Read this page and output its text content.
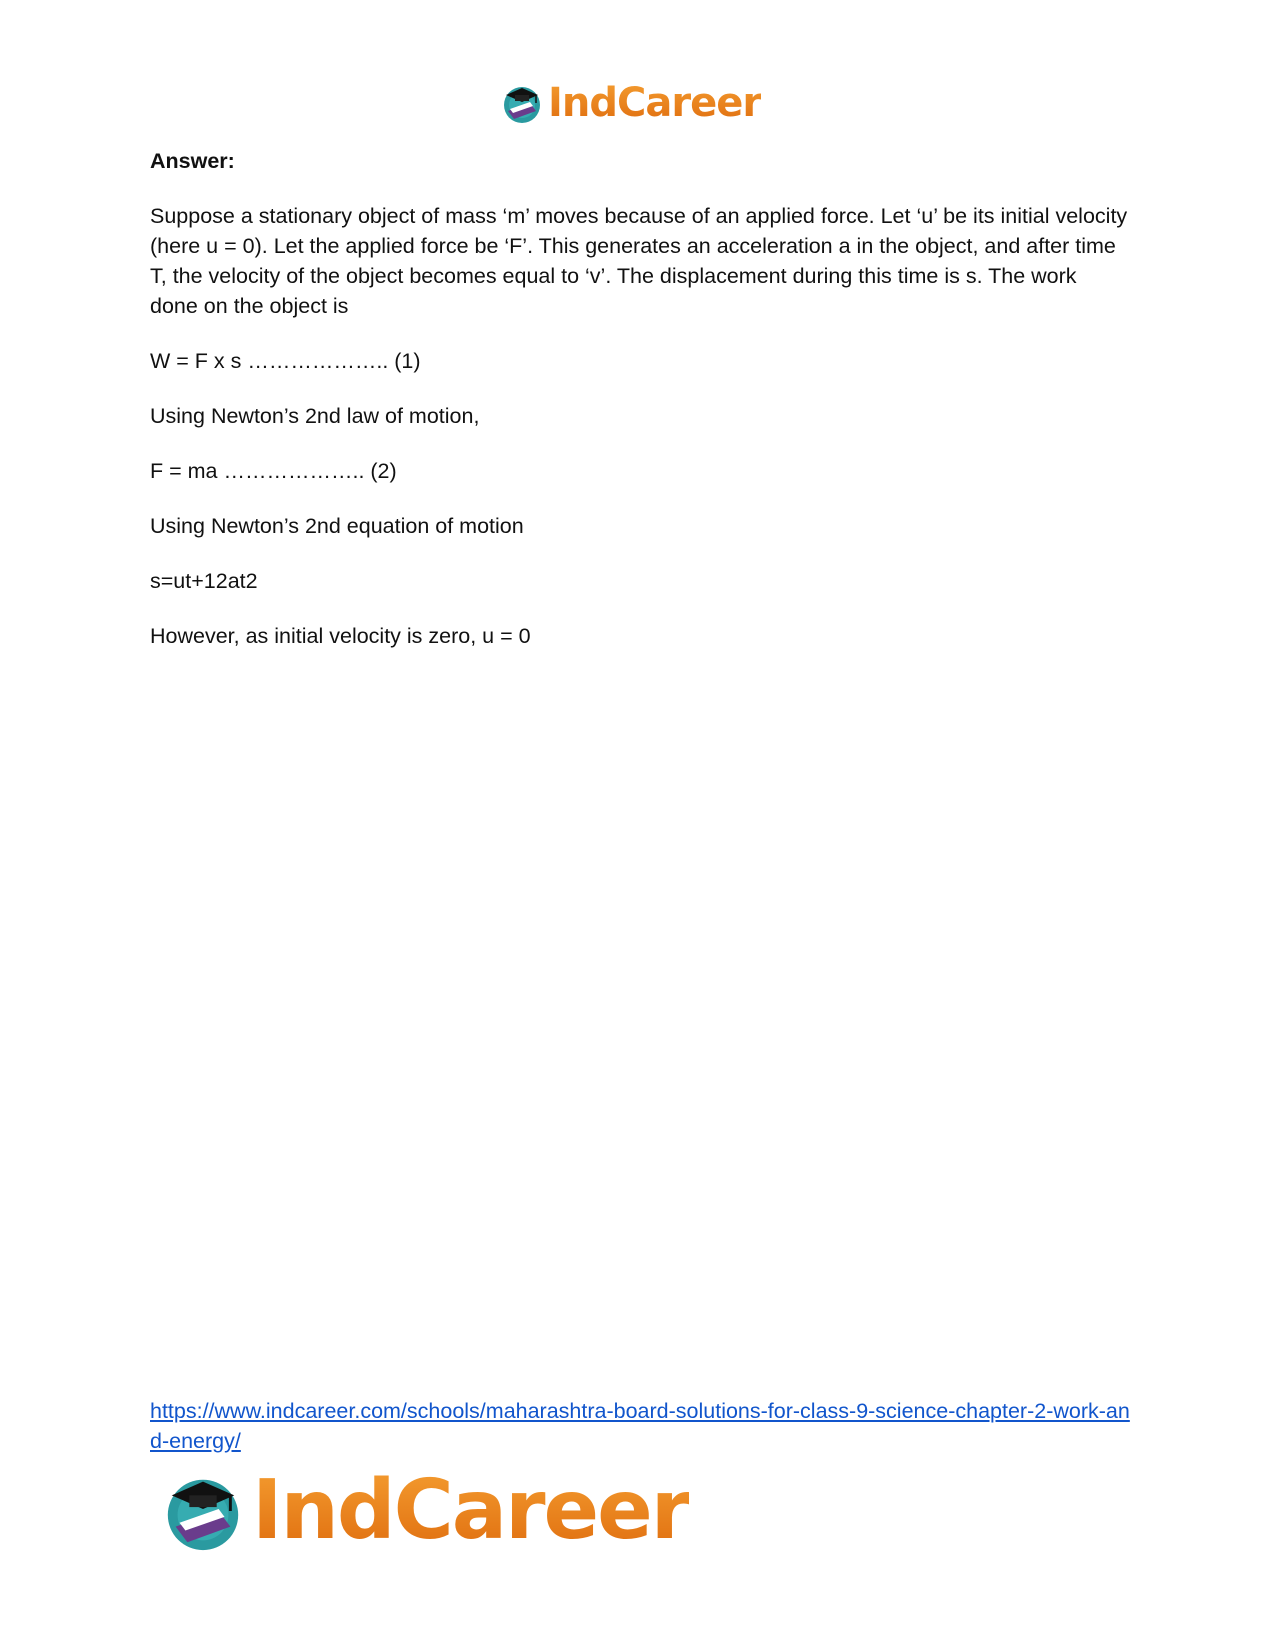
IndCareer

Answer:

Suppose a stationary object of mass ‘m’ moves because of an applied force. Let ‘u’ be its initial velocity (here u = 0). Let the applied force be ‘F’. This generates an acceleration a in the object, and after time T, the velocity of the object becomes equal to ‘v’. The displacement during this time is s. The work done on the object is

W = F x s ……………….. (1)

Using Newton’s 2nd law of motion,

F = ma ……………….. (2)

Using Newton’s 2nd equation of motion

s=ut+12at2

However, as initial velocity is zero, u = 0

https://www.indcareer.com/schools/maharashtra-board-solutions-for-class-9-science-chapter-2-work-and-energy/
IndCareer
